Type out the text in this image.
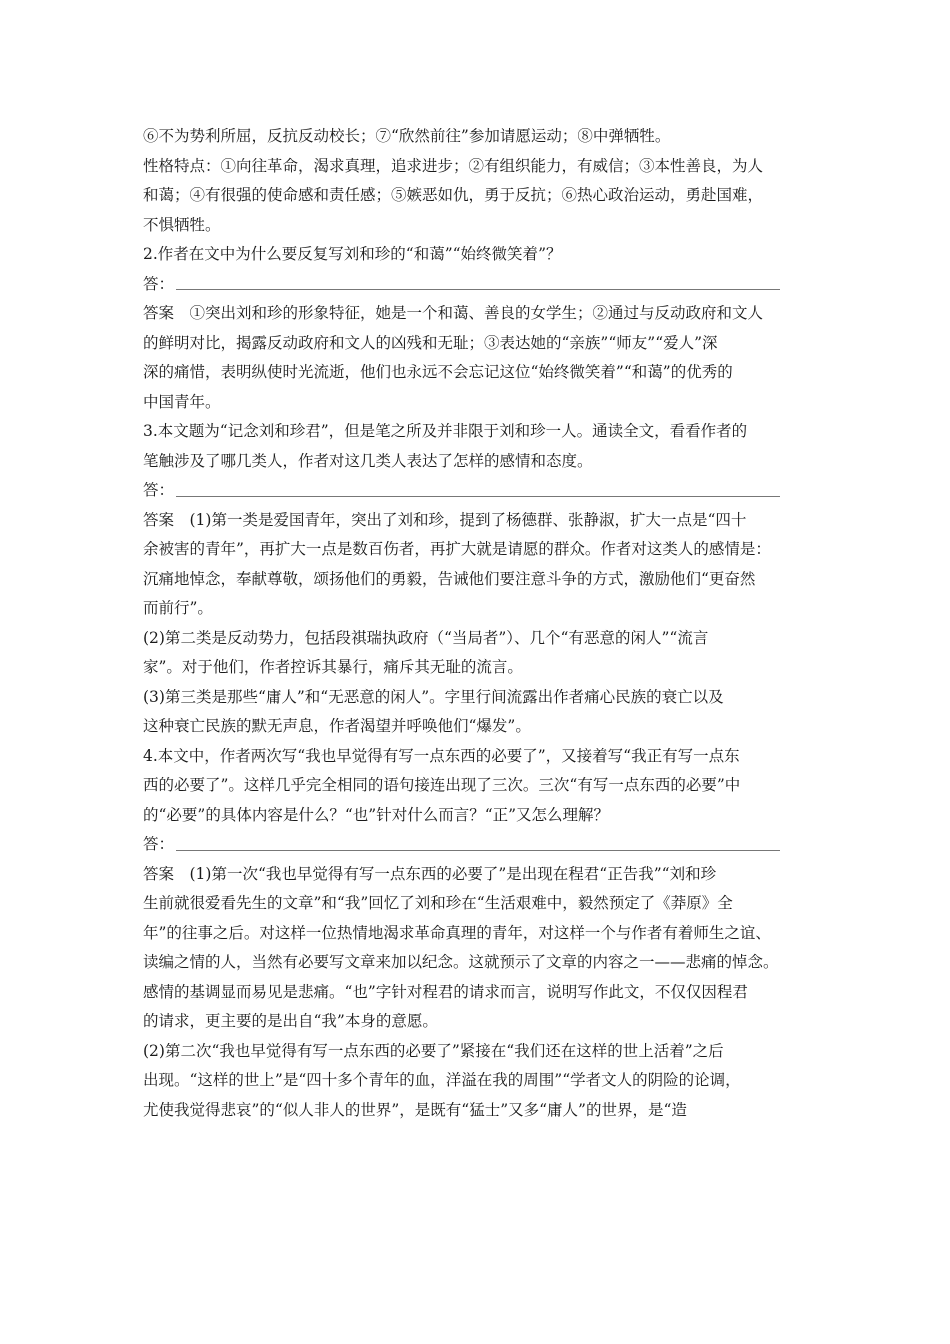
⑥不为势利所屈，反抗反动校长；⑦“欣然前往”参加请愿运动；⑧中弹牺牲。

性格特点：①向往革命，渴求真理，追求进步；②有组织能力，有威信；③本性善良，为人
和蔼；④有很强的使命感和责任感；⑤嫉恶如仇，勇于反抗；⑥热心政治运动，勇赴国难，
不惧牺牲。

2.作者在文中为什么要反复写刘和珍的“和蔼”“始终微笑着”？

答：

答案　①突出刘和珍的形象特征，她是一个和蔼、善良的女学生；②通过与反动政府和文人
的鲜明对比，揭露反动政府和文人的凶残和无耻；③表达她的“亲族”“师友”“爱人”深
深的痛惜，表明纵使时光流逝，他们也永远不会忘记这位“始终微笑着”“和蔼”的优秀的
中国青年。

3.本文题为“记念刘和珍君”，但是笔之所及并非限于刘和珍一人。通读全文，看看作者的
笔触涉及了哪几类人，作者对这几类人表达了怎样的感情和态度。

答：

答案　(1)第一类是爱国青年，突出了刘和珍，提到了杨德群、张静淑，扩大一点是“四十
余被害的青年”，再扩大一点是数百伤者，再扩大就是请愿的群众。作者对这类人的感情是：
沉痛地悼念，奉献尊敬，颂扬他们的勇毅，告诫他们要注意斗争的方式，激励他们“更奋然
而前行”。

(2)第二类是反动势力，包括段祺瑞执政府（“当局者”）、几个“有恶意的闲人”“流言
家”。对于他们，作者控诉其暴行，痛斥其无耻的流言。

(3)第三类是那些“庸人”和“无恶意的闲人”。字里行间流露出作者痛心民族的衰亡以及
这种衰亡民族的默无声息，作者渴望并呼唤他们“爆发”。

4.本文中，作者两次写“我也早觉得有写一点东西的必要了”，又接着写“我正有写一点东
西的必要了”。这样几乎完全相同的语句接连出现了三次。三次“有写一点东西的必要”中
的“必要”的具体内容是什么？“也”针对什么而言？“正”又怎么理解？

答：

答案　(1)第一次“我也早觉得有写一点东西的必要了”是出现在程君“正告我”“刘和珍
生前就很爱看先生的文章”和“我”回忆了刘和珍在“生活艰难中，毅然预定了《莽原》全
年”的往事之后。对这样一位热情地渴求革命真理的青年，对这样一个与作者有着师生之谊、
读编之情的人，当然有必要写文章来加以纪念。这就预示了文章的内容之一——悲痛的悼念。
感情的基调显而易见是悲痛。“也”字针对程君的请求而言，说明写作此文，不仅仅因程君
的请求，更主要的是出自“我”本身的意愿。

(2)第二次“我也早觉得有写一点东西的必要了”紧接在“我们还在这样的世上活着”之后
出现。“这样的世上”是“四十多个青年的血，洋溢在我的周围”“学者文人的阴险的论调，
尤使我觉得悲哀”的“似人非人的世界”，是既有“猛士”又多“庸人”的世界，是“造
